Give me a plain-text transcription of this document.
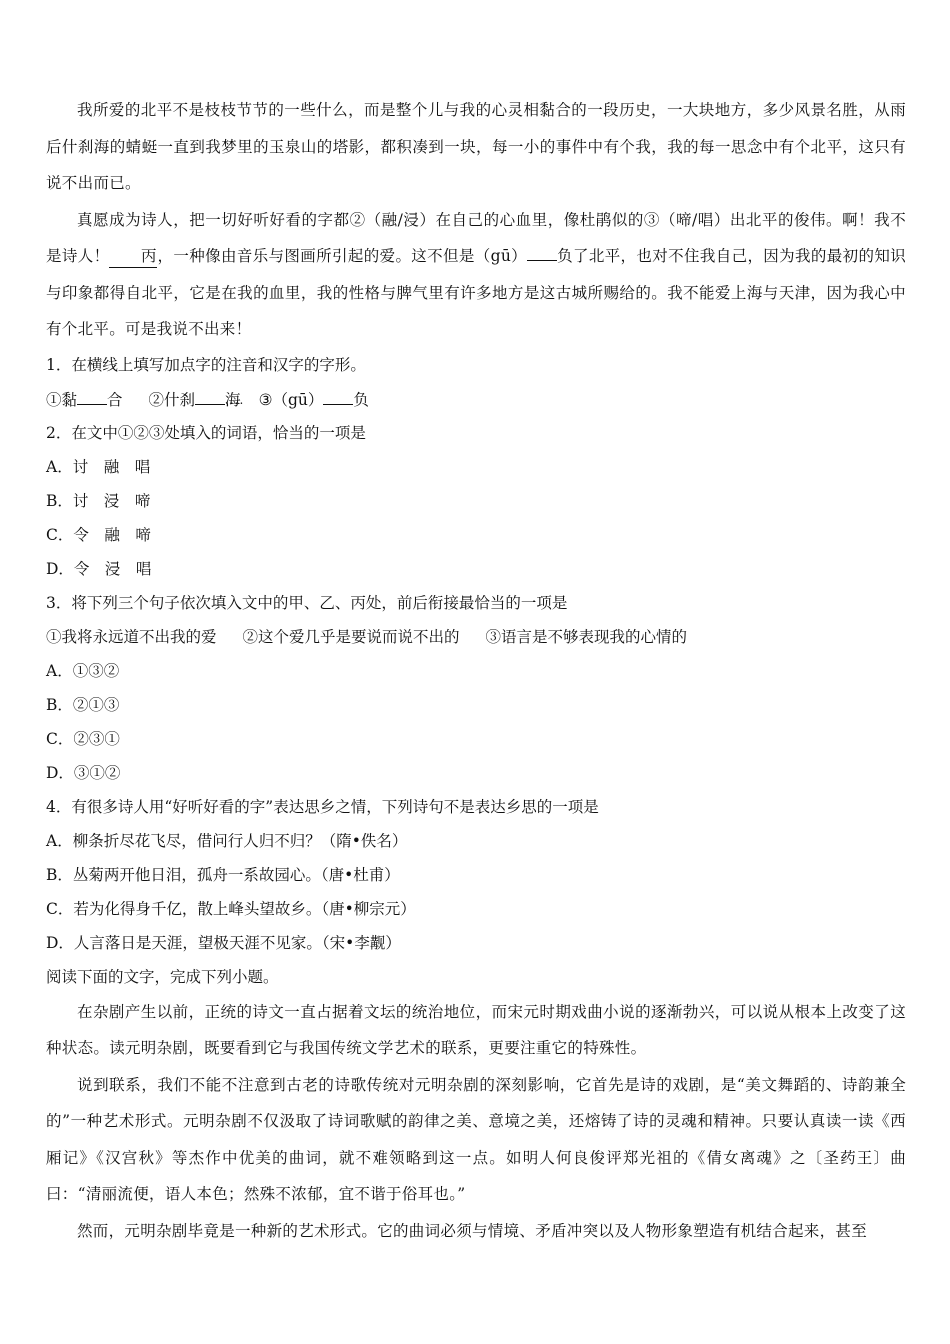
我所爱的北平不是枝枝节节的一些什么，而是整个儿与我的心灵相黏合的一段历史，一大块地方，多少风景名胜，从雨后什刹海的蜻蜓一直到我梦里的玉泉山的塔影，都积凑到一块，每一小的事件中有个我，我的每一思念中有个北平，这只有说不出而已。

真愿成为诗人，把一切好听好看的字都②（融/浸）在自己的心血里，像杜鹃似的③（啼/唱）出北平的俊伟。啊！我不是诗人！ 丙，一种像由音乐与图画所引起的爱。这不但是（gū） 负了北平，也对不住我自己，因为我的最初的知识与印象都得自北平，它是在我的血里，我的性格与脾气里有许多地方是这古城所赐给的。我不能爱上海与天津，因为我心中有个北平。可是我说不出来！

1．在横线上填写加点字的注音和汉字的字形。

①黏 合 ②什刹 海 .... ③（gū） 负

2．在文中①②③处填入的词语，恰当的一项是

A．讨　融　唱

B．讨　浸　啼

C．令　融　啼

D．令　浸　唱

3．将下列三个句子依次填入文中的甲、乙、丙处，前后衔接最恰当的一项是

①我将永远道不出我的爱 ②这个爱几乎是要说而说不出的 ③语言是不够表现我的心情的

A．①③②

B．②①③

C．②③①

D．③①②

4．有很多诗人用“好听好看的字”表达思乡之情，下列诗句不是表达乡思的一项是

A．柳条折尽花飞尽，借问行人归不归？（隋•佚名）

B．丛菊两开他日泪，孤舟一系故园心。（唐•杜甫）

C．若为化得身千亿，散上峰头望故乡。（唐•柳宗元）

D．人言落日是天涯，望极天涯不见家。（宋•李觏）

阅读下面的文字，完成下列小题。

在杂剧产生以前，正统的诗文一直占据着文坛的统治地位，而宋元时期戏曲小说的逐渐勃兴，可以说从根本上改变了这种状态。读元明杂剧，既要看到它与我国传统文学艺术的联系，更要注重它的特殊性。

说到联系，我们不能不注意到古老的诗歌传统对元明杂剧的深刻影响，它首先是诗的戏剧，是“美文舞蹈的、诗韵兼全的”一种艺术形式。元明杂剧不仅汲取了诗词歌赋的韵律之美、意境之美，还熔铸了诗的灵魂和精神。只要认真读一读《西厢记》《汉宫秋》等杰作中优美的曲词，就不难领略到这一点。如明人何良俊评郑光祖的《倩女离魂》之〔圣药王〕曲曰：“清丽流便，语人本色；然殊不浓郁，宜不谐于俗耳也。”

然而，元明杂剧毕竟是一种新的艺术形式。它的曲词必须与情境、矛盾冲突以及人物形象塑造有机结合起来，甚至
